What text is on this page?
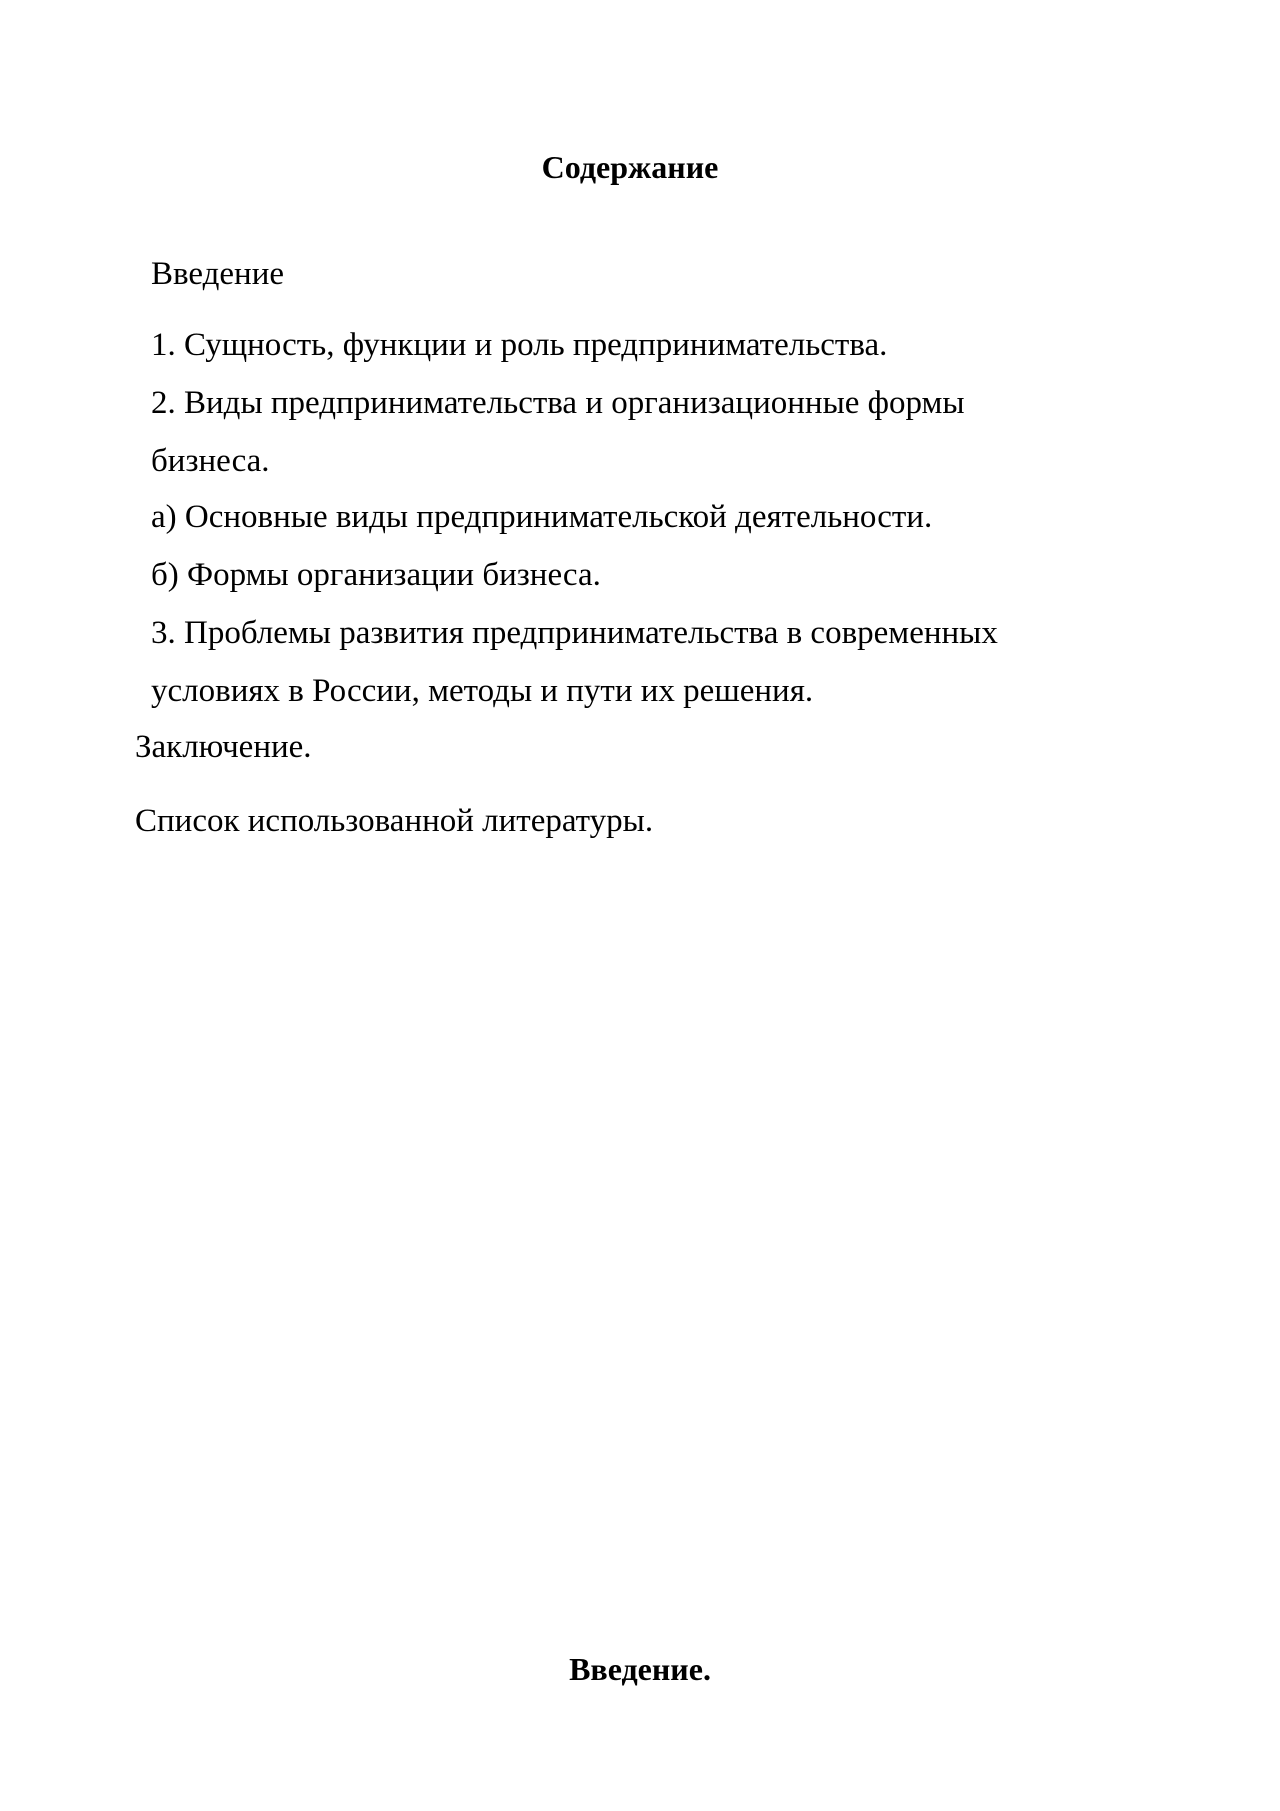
Содержание
Введение
1. Сущность, функции и роль предпринимательства.
2. Виды предпринимательства и организационные формы
бизнеса.
а) Основные виды предпринимательской деятельности.
б) Формы организации бизнеса.
3. Проблемы развития предпринимательства в современных
условиях в России, методы и пути их решения.
Заключение.
Список использованной литературы.
Введение.
